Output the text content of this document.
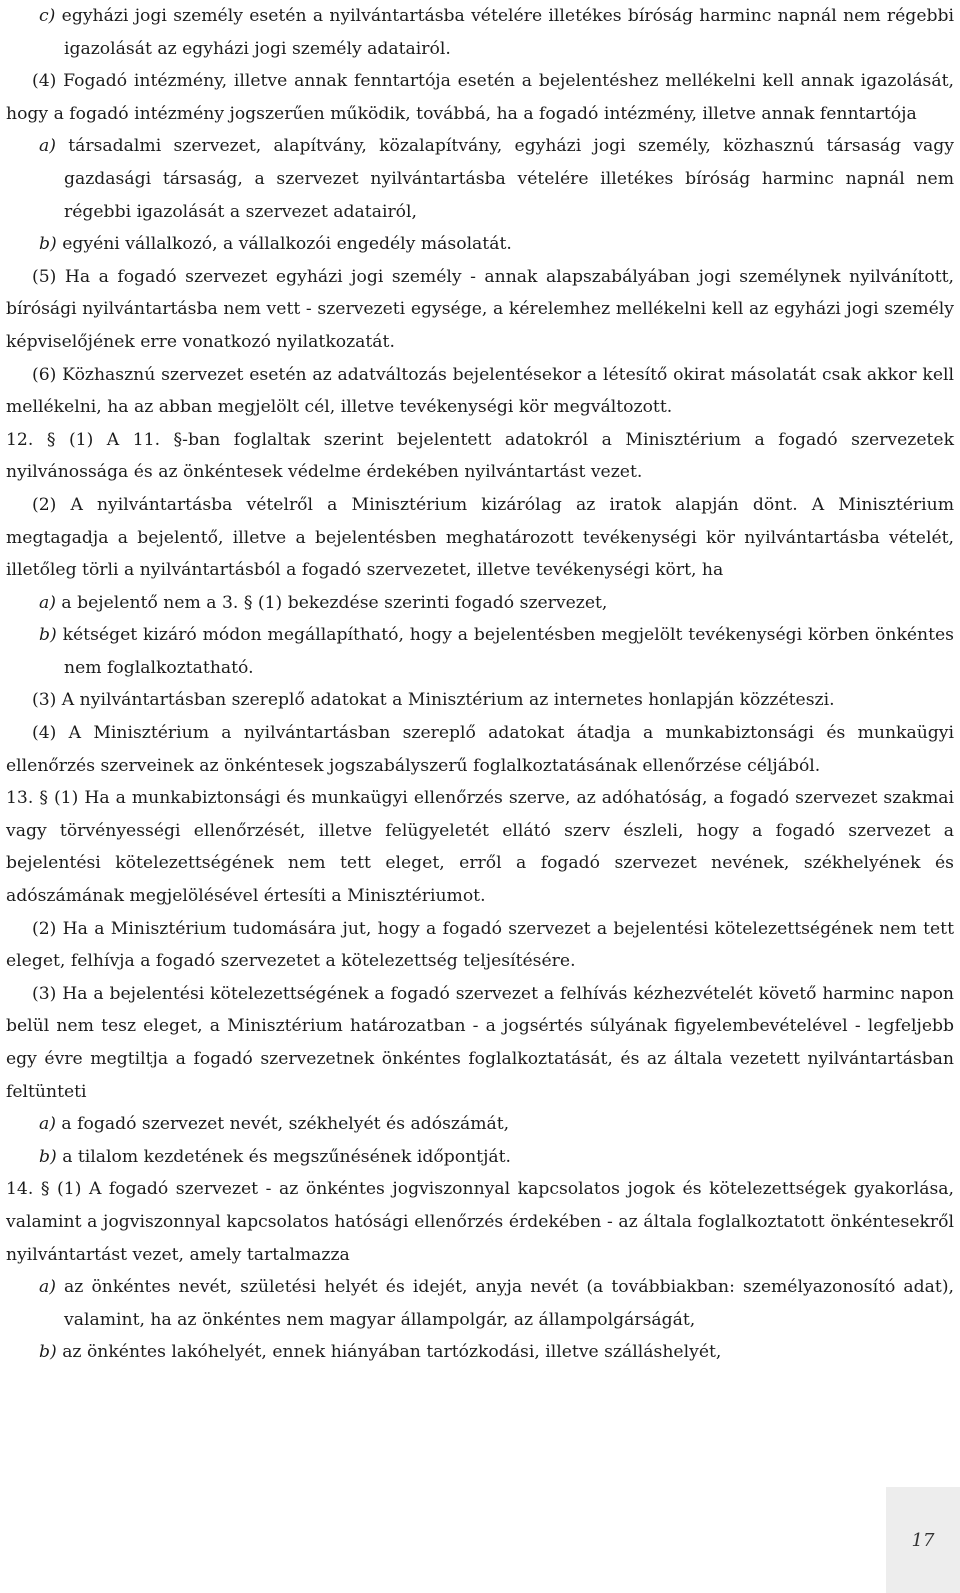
c) egyházi jogi személy esetén a nyilvántartásba vételére illetékes bíróság harminc napnál nem régebbi igazolását az egyházi jogi személy adatairól.

(4) Fogadó intézmény, illetve annak fenntartója esetén a bejelentéshez mellékelni kell annak igazolását, hogy a fogadó intézmény jogszerűen működik, továbbá, ha a fogadó intézmény, illetve annak fenntartója

a) társadalmi szervezet, alapítvány, közalapítvány, egyházi jogi személy, közhasznú társaság vagy gazdasági társaság, a szervezet nyilvántartásba vételére illetékes bíróság harminc napnál nem régebbi igazolását a szervezet adatairól,

b) egyéni vállalkozó, a vállalkozói engedély másolatát.

(5) Ha a fogadó szervezet egyházi jogi személy - annak alapszabályában jogi személynek nyilvánított, bírósági nyilvántartásba nem vett - szervezeti egysége, a kérelemhez mellékelni kell az egyházi jogi személy képviselőjének erre vonatkozó nyilatkozatát.

(6) Közhasznú szervezet esetén az adatváltozás bejelentésekor a létesítő okirat másolatát csak akkor kell mellékelni, ha az abban megjelölt cél, illetve tevékenységi kör megváltozott.

12. § (1) A 11. §-ban foglaltak szerint bejelentett adatokról a Minisztérium a fogadó szervezetek nyilvánossága és az önkéntesek védelme érdekében nyilvántartást vezet.

(2) A nyilvántartásba vételről a Minisztérium kizárólag az iratok alapján dönt. A Minisztérium megtagadja a bejelentő, illetve a bejelentésben meghatározott tevékenységi kör nyilvántartásba vételét, illetőleg törli a nyilvántartásból a fogadó szervezetet, illetve tevékenységi kört, ha

a) a bejelentő nem a 3. § (1) bekezdése szerinti fogadó szervezet,

b) kétséget kizáró módon megállapítható, hogy a bejelentésben megjelölt tevékenységi körben önkéntes nem foglalkoztatható.

(3) A nyilvántartásban szereplő adatokat a Minisztérium az internetes honlapján közzéteszi.

(4) A Minisztérium a nyilvántartásban szereplő adatokat átadja a munkabiztonsági és munkaügyi ellenőrzés szerveinek az önkéntesek jogszabályszerű foglalkoztatásának ellenőrzése céljából.

13. § (1) Ha a munkabiztonsági és munkaügyi ellenőrzés szerve, az adóhatóság, a fogadó szervezet szakmai vagy törvényességi ellenőrzését, illetve felügyeletét ellátó szerv észleli, hogy a fogadó szervezet a bejelentési kötelezettségének nem tett eleget, erről a fogadó szervezet nevének, székhelyének és adószámának megjelölésével értesíti a Minisztériumot.

(2) Ha a Minisztérium tudomására jut, hogy a fogadó szervezet a bejelentési kötelezettségének nem tett eleget, felhívja a fogadó szervezetet a kötelezettség teljesítésére.

(3) Ha a bejelentési kötelezettségének a fogadó szervezet a felhívás kézhezvételét követő harminc napon belül nem tesz eleget, a Minisztérium határozatban - a jogsértés súlyának figyelembevételével - legfeljebb egy évre megtiltja a fogadó szervezetnek önkéntes foglalkoztatását, és az általa vezetett nyilvántartásban feltünteti

a) a fogadó szervezet nevét, székhelyét és adószámát,

b) a tilalom kezdetének és megszűnésének időpontját.

14. § (1) A fogadó szervezet - az önkéntes jogviszonnyal kapcsolatos jogok és kötelezettségek gyakorlása, valamint a jogviszonnyal kapcsolatos hatósági ellenőrzés érdekében - az általa foglalkoztatott önkéntesekről nyilvántartást vezet, amely tartalmazza

a) az önkéntes nevét, születési helyét és idejét, anyja nevét (a továbbiakban: személyazonosító adat), valamint, ha az önkéntes nem magyar állampolgár, az állampolgárságát,

b) az önkéntes lakóhelyét, ennek hiányában tartózkodási, illetve szálláshelyét,

17
